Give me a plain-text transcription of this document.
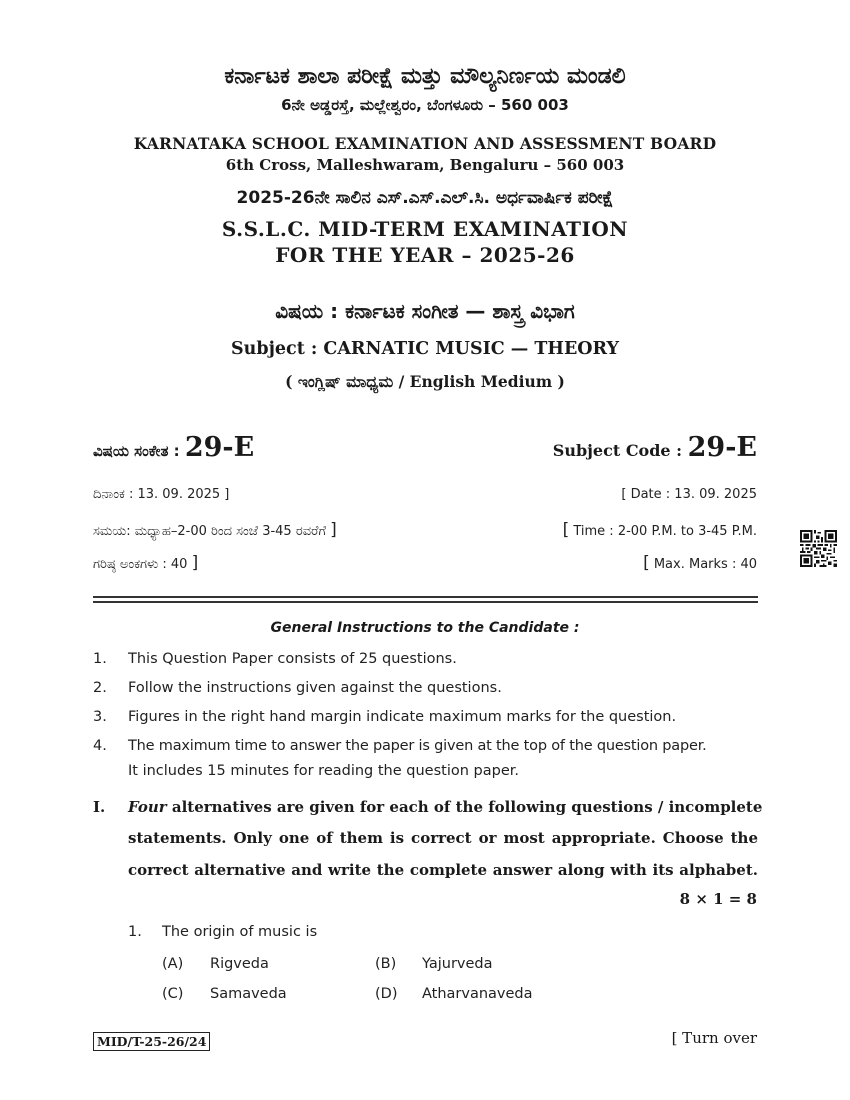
ಕರ್ನಾಟಕ ಶಾಲಾ ಪರೀಕ್ಷೆ ಮತ್ತು ಮೌಲ್ಯನಿರ್ಣಯ ಮಂಡಲಿ
6ನೇ ಅಡ್ಡರಸ್ತೆ, ಮಲ್ಲೇಶ್ವರಂ, ಬೆಂಗಳೂರು – 560 003
KARNATAKA SCHOOL EXAMINATION AND ASSESSMENT BOARD
6th Cross, Malleshwaram, Bengaluru – 560 003
2025-26ನೇ ಸಾಲಿನ ಎಸ್.ಎಸ್.ಎಲ್.ಸಿ. ಅರ್ಧವಾರ್ಷಿಕ ಪರೀಕ್ಷೆ
S.S.L.C. MID-TERM EXAMINATION
FOR THE YEAR – 2025-26
ವಿಷಯ : ಕರ್ನಾಟಕ ಸಂಗೀತ — ಶಾಸ್ತ್ರ ವಿಭಾಗ
Subject : CARNATIC MUSIC — THEORY
( ಇಂಗ್ಲಿಷ್ ಮಾಧ್ಯಮ / English Medium )
ವಿಷಯ ಸಂಕೇತ : 29-E	Subject Code : 29-E
ದಿನಾಂಕ : 13. 09. 2025 ]	[ Date : 13. 09. 2025
ಸಮಯ: ಮಧ್ಯಾಹ–2-00 ರಿಂದ ಸಂಜೆ 3-45 ರವರೆಗೆ ]	[ Time : 2-00 P.M. to 3-45 P.M.
ಗರಿಷ್ಠ ಅಂಕಗಳು : 40 ]	[ Max. Marks : 40
General Instructions to the Candidate :
1. This Question Paper consists of 25 questions.
2. Follow the instructions given against the questions.
3. Figures in the right hand margin indicate maximum marks for the question.
4. The maximum time to answer the paper is given at the top of the question paper.
It includes 15 minutes for reading the question paper.
I. Four alternatives are given for each of the following questions / incomplete
statements. Only one of them is correct or most appropriate. Choose the
correct alternative and write the complete answer along with its alphabet.
8 × 1 = 8
1. The origin of music is
(A) Rigveda	(B) Yajurveda
(C) Samaveda	(D) Atharvanaveda
MID/T-25-26/24	[ Turn over
